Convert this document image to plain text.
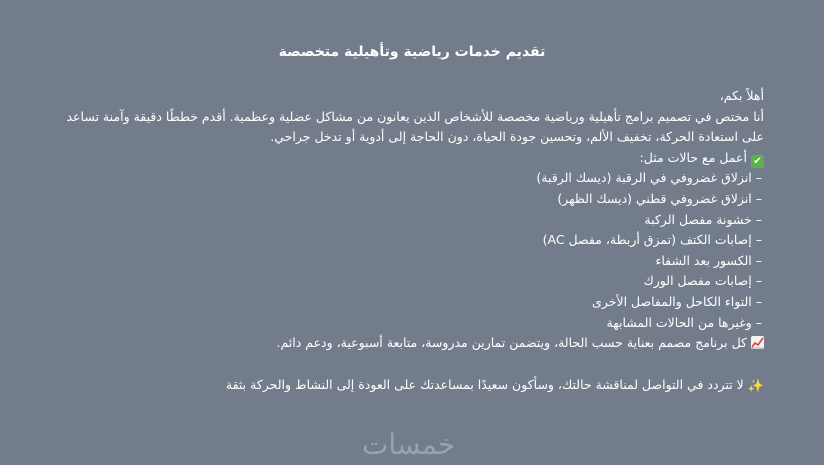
تقديم خدمات رياضية وتأهيلية متخصصة
أهلاً بكم،
أنا مختص في تصميم برامج تأهيلية ورياضية مخصصة للأشخاص الذين يعانون من مشاكل عضلية وعظمية. أقدم خططًا دقيقة وآمنة تساعد على استعادة الحركة، تخفيف الألم، وتحسين جودة الحياة، دون الحاجة إلى أدوية أو تدخل جراحي.
✔أعمل مع حالات مثل:
– انزلاق غضروفي في الرقبة (ديسك الرقبة)
– انزلاق غضروفي قطني (ديسك الظهر)
– خشونة مفصل الركبة
– إصابات الكتف (تمزق أربطة، مفصل AC)
– الكسور بعد الشفاء
– إصابات مفصل الورك
– التواء الكاحل والمفاصل الأخرى
– وغيرها من الحالات المشابهة
كل برنامج مصمم بعناية حسب الحالة، ويتضمن تمارين مدروسة، متابعة أسبوعية، ودعم دائم.
✨لا تتردد في التواصل لمناقشة حالتك، وسأكون سعيدًا بمساعدتك على العودة إلى النشاط والحركة بثقة
خمسات
